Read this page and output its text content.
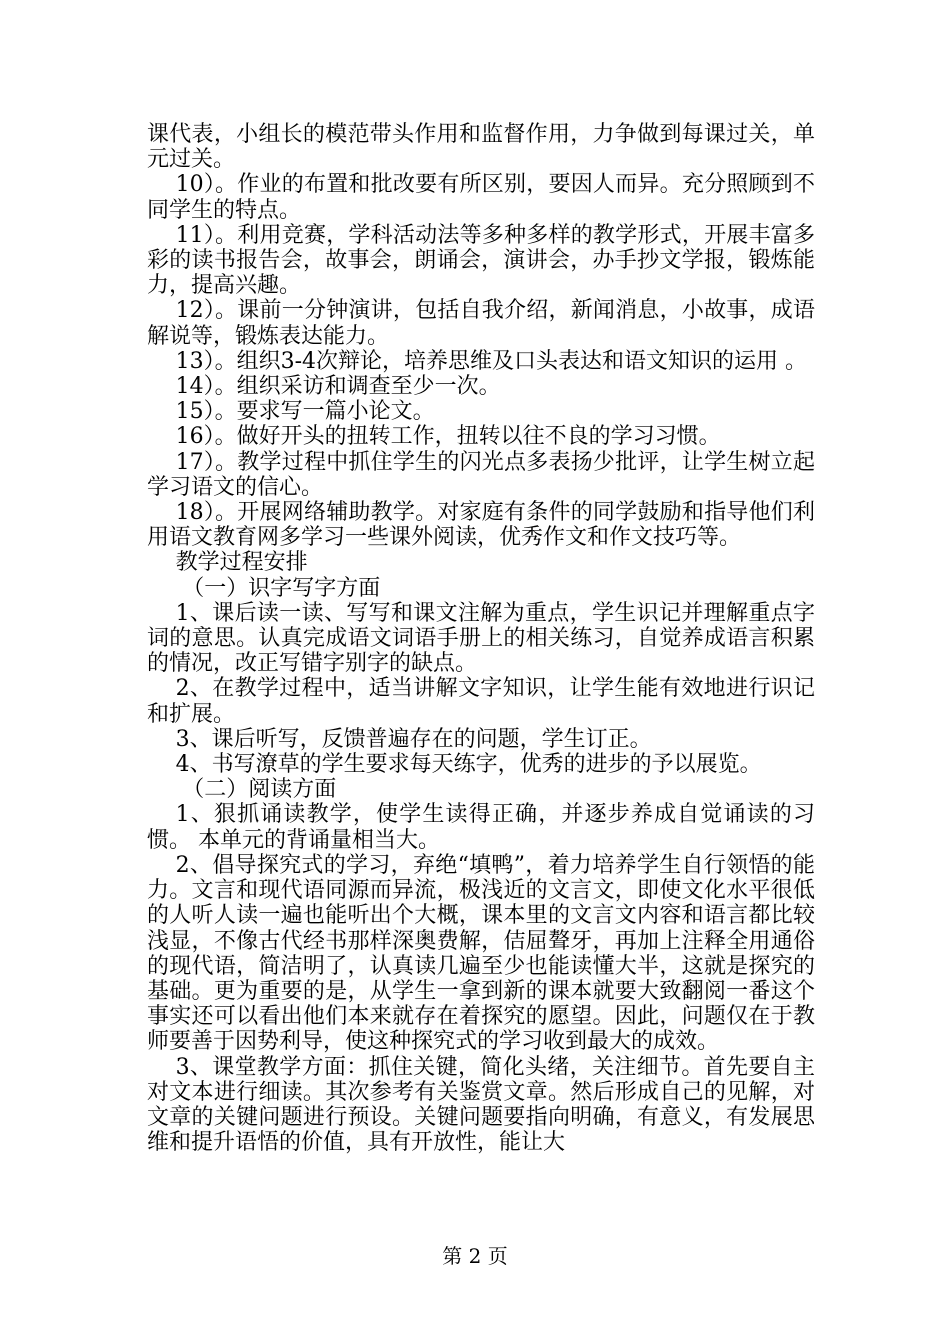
课代表，小组长的模范带头作用和监督作用，力争做到每课过关，单元过关。

10）。作业的布置和批改要有所区别，要因人而异。充分照顾到不同学生的特点。

11）。利用竞赛，学科活动法等多种多样的教学形式，开展丰富多彩的读书报告会，故事会，朗诵会，演讲会，办手抄文学报，锻炼能力，提高兴趣。

12）。课前一分钟演讲，包括自我介绍，新闻消息，小故事，成语解说等，锻炼表达能力。

13）。组织3-4次辩论，培养思维及口头表达和语文知识的运用 。

14）。组织采访和调查至少一次。

15）。要求写一篇小论文。

16）。做好开头的扭转工作，扭转以往不良的学习习惯。

17）。教学过程中抓住学生的闪光点多表扬少批评，让学生树立起学习语文的信心。

18）。开展网络辅助教学。对家庭有条件的同学鼓励和指导他们利用语文教育网多学习一些课外阅读，优秀作文和作文技巧等。

教学过程安排

（一）识字写字方面

1、课后读一读、写写和课文注解为重点，学生识记并理解重点字词的意思。认真完成语文词语手册上的相关练习，自觉养成语言积累的情况，改正写错字别字的缺点。

2、在教学过程中，适当讲解文字知识，让学生能有效地进行识记和扩展。

3、课后听写，反馈普遍存在的问题，学生订正。

4、书写潦草的学生要求每天练字，优秀的进步的予以展览。

（二）阅读方面

1、狠抓诵读教学，使学生读得正确，并逐步养成自觉诵读的习惯。 本单元的背诵量相当大。

2、倡导探究式的学习，弃绝“填鸭”，着力培养学生自行领悟的能力。文言和现代语同源而异流，极浅近的文言文，即使文化水平很低的人听人读一遍也能听出个大概，课本里的文言文内容和语言都比较浅显，不像古代经书那样深奥费解，佶屈聱牙，再加上注释全用通俗的现代语，简洁明了，认真读几遍至少也能读懂大半，这就是探究的基础。更为重要的是，从学生一拿到新的课本就要大致翻阅一番这个事实还可以看出他们本来就存在着探究的愿望。因此，问题仅在于教师要善于因势利导，使这种探究式的学习收到最大的成效。

3、课堂教学方面：抓住关键，简化头绪，关注细节。首先要自主对文本进行细读。其次参考有关鉴赏文章。然后形成自己的见解，对文章的关键问题进行预设。关键问题要指向明确，有意义，有发展思维和提升语悟的价值，具有开放性，能让大

第 2 页
